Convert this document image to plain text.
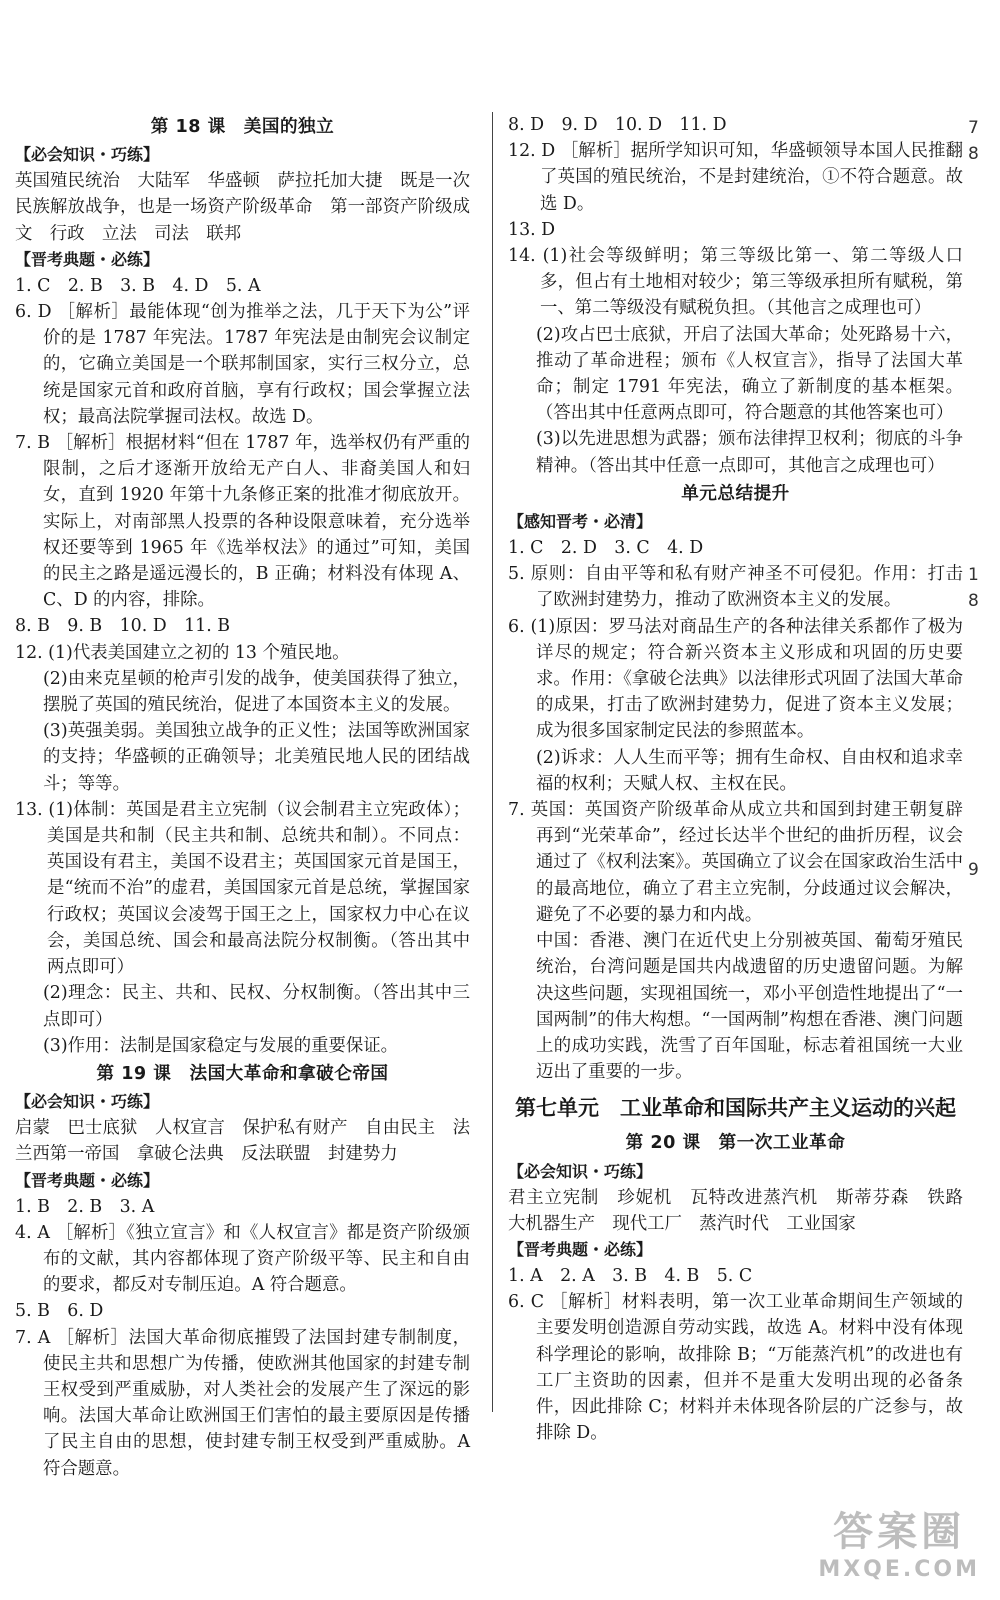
第 18 课　美国的独立
【必会知识・巧练】
英国殖民统治　大陆军　华盛顿　萨拉托加大捷　既是一次民族解放战争，也是一场资产阶级革命　第一部资产阶级成文　行政　立法　司法　联邦
【晋考典题・必练】
1. C　2. B　3. B　4. D　5. A
6. D ［解析］最能体现“创为推举之法，几于天下为公”评价的是 1787 年宪法。1787 年宪法是由制宪会议制定的，它确立美国是一个联邦制国家，实行三权分立，总统是国家元首和政府首脑，享有行政权；国会掌握立法权；最高法院掌握司法权。故选 D。
7. B ［解析］根据材料“但在 1787 年，选举权仍有严重的限制，之后才逐渐开放给无产白人、非裔美国人和妇女，直到 1920 年第十九条修正案的批准才彻底放开。实际上，对南部黑人投票的各种设限意味着，充分选举权还要等到 1965 年《选举权法》的通过”可知，美国的民主之路是遥远漫长的，B 正确；材料没有体现 A、C、D 的内容，排除。
8. B　9. B　10. D　11. B
12. (1)代表美国建立之初的 13 个殖民地。
(2)由来克星顿的枪声引发的战争，使美国获得了独立，摆脱了英国的殖民统治，促进了本国资本主义的发展。
(3)英强美弱。美国独立战争的正义性；法国等欧洲国家的支持；华盛顿的正确领导；北美殖民地人民的团结战斗；等等。
13. (1)体制：英国是君主立宪制（议会制君主立宪政体）；美国是共和制（民主共和制、总统共和制）。不同点：英国设有君主，美国不设君主；英国国家元首是国王，是“统而不治”的虚君，美国国家元首是总统，掌握国家行政权；英国议会凌驾于国王之上，国家权力中心在议会，美国总统、国会和最高法院分权制衡。（答出其中两点即可）
(2)理念：民主、共和、民权、分权制衡。（答出其中三点即可）
(3)作用：法制是国家稳定与发展的重要保证。
第 19 课　法国大革命和拿破仑帝国
【必会知识・巧练】
启蒙　巴士底狱　人权宣言　保护私有财产　自由民主　法兰西第一帝国　拿破仑法典　反法联盟　封建势力
【晋考典题・必练】
1. B　2. B　3. A
4. A ［解析］《独立宣言》和《人权宣言》都是资产阶级颁布的文献，其内容都体现了资产阶级平等、民主和自由的要求，都反对专制压迫。A 符合题意。
5. B　6. D
7. A ［解析］法国大革命彻底摧毁了法国封建专制制度，使民主共和思想广为传播，使欧洲其他国家的封建专制王权受到严重威胁，对人类社会的发展产生了深远的影响。法国大革命让欧洲国王们害怕的最主要原因是传播了民主自由的思想，使封建专制王权受到严重威胁。A 符合题意。
8. D　9. D　10. D　11. D
12. D ［解析］据所学知识可知，华盛顿领导本国人民推翻了英国的殖民统治，不是封建统治，①不符合题意。故选 D。
13. D
14. (1)社会等级鲜明；第三等级比第一、第二等级人口多，但占有土地相对较少；第三等级承担所有赋税，第一、第二等级没有赋税负担。（其他言之成理也可）
(2)攻占巴士底狱，开启了法国大革命；处死路易十六，推动了革命进程；颁布《人权宣言》，指导了法国大革命；制定 1791 年宪法，确立了新制度的基本框架。（答出其中任意两点即可，符合题意的其他答案也可）
(3)以先进思想为武器；颁布法律捍卫权利；彻底的斗争精神。（答出其中任意一点即可，其他言之成理也可）
单元总结提升
【感知晋考・必清】
1. C　2. D　3. C　4. D
5. 原则：自由平等和私有财产神圣不可侵犯。作用：打击了欧洲封建势力，推动了欧洲资本主义的发展。
6. (1)原因：罗马法对商品生产的各种法律关系都作了极为详尽的规定；符合新兴资本主义形成和巩固的历史要求。作用：《拿破仑法典》以法律形式巩固了法国大革命的成果，打击了欧洲封建势力，促进了资本主义发展；成为很多国家制定民法的参照蓝本。
(2)诉求：人人生而平等；拥有生命权、自由权和追求幸福的权利；天赋人权、主权在民。
7. 英国：英国资产阶级革命从成立共和国到封建王朝复辟再到“光荣革命”，经过长达半个世纪的曲折历程，议会通过了《权利法案》。英国确立了议会在国家政治生活中的最高地位，确立了君主立宪制，分歧通过议会解决，避免了不必要的暴力和内战。
中国：香港、澳门在近代史上分别被英国、葡萄牙殖民统治，台湾问题是国共内战遗留的历史遗留问题。为解决这些问题，实现祖国统一，邓小平创造性地提出了“一国两制”的伟大构想。“一国两制”构想在香港、澳门问题上的成功实践，洗雪了百年国耻，标志着祖国统一大业迈出了重要的一步。
第七单元　工业革命和国际共产主义运动的兴起
第 20 课　第一次工业革命
【必会知识・巧练】
君主立宪制　珍妮机　瓦特改进蒸汽机　斯蒂芬森　铁路　大机器生产　现代工厂　蒸汽时代　工业国家
【晋考典题・必练】
1. A　2. A　3. B　4. B　5. C
6. C ［解析］材料表明，第一次工业革命期间生产领域的主要发明创造源自劳动实践，故选 A。材料中没有体现科学理论的影响，故排除 B；“万能蒸汽机”的改进也有工厂主资助的因素，但并不是重大发明出现的必备条件，因此排除 C；材料并未体现各阶层的广泛参与，故排除 D。
7
8
1
8
9
答案圈
MXQE.COM
